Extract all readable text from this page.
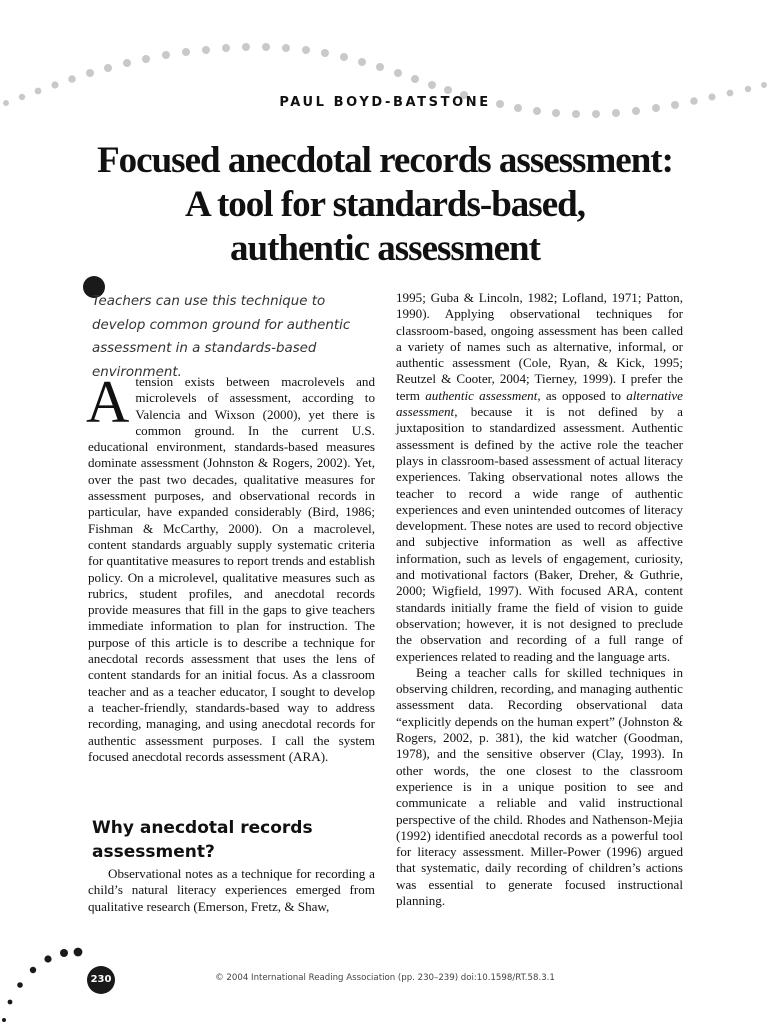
PAUL BOYD-BATSTONE
Focused anecdotal records assessment:
A tool for standards-based,
authentic assessment

Teachers can use this technique to develop common ground for authentic assessment in a standards-based environment.

Atension exists between macrolevels and microlevels of assessment, according to Valencia and Wixson (2000), yet there is common ground. In the current U.S. educational environment, standards-based measures dominate assessment (Johnston & Rogers, 2002). Yet, over the past two decades, qualitative measures for assessment purposes, and observational records in particular, have expanded considerably (Bird, 1986; Fishman & McCarthy, 2000). On a macrolevel, content standards arguably supply systematic criteria for quantitative measures to report trends and establish policy. On a microlevel, qualitative measures such as rubrics, student profiles, and anecdotal records provide measures that fill in the gaps to give teachers immediate information to plan for instruction. The purpose of this article is to describe a technique for anecdotal records assessment that uses the lens of content standards for an initial focus. As a classroom teacher and as a teacher educator, I sought to develop a teacher-friendly, standards-based way to address recording, managing, and using anecdotal records for authentic assessment purposes. I call the system focused anecdotal records assessment (ARA).

Why anecdotal records assessment?

Observational notes as a technique for recording a child’s natural literacy experiences emerged from qualitative research (Emerson, Fretz, & Shaw,

1995; Guba & Lincoln, 1982; Lofland, 1971; Patton, 1990). Applying observational techniques for classroom-based, ongoing assessment has been called a variety of names such as alternative, informal, or authentic assessment (Cole, Ryan, & Kick, 1995; Reutzel & Cooter, 2004; Tierney, 1999). I prefer the term authentic assessment, as opposed to alternative assessment, because it is not defined by a juxtaposition to standardized assessment. Authentic assessment is defined by the active role the teacher plays in classroom-based assessment of actual literacy experiences. Taking observational notes allows the teacher to record a wide range of authentic experiences and even unintended outcomes of literacy development. These notes are used to record objective and subjective information as well as affective information, such as levels of engagement, curiosity, and motivational factors (Baker, Dreher, & Guthrie, 2000; Wigfield, 1997). With focused ARA, content standards initially frame the field of vision to guide observation; however, it is not designed to preclude the observation and recording of a full range of experiences related to reading and the language arts.

Being a teacher calls for skilled techniques in observing children, recording, and managing authentic assessment data. Recording observational data “explicitly depends on the human expert” (Johnston & Rogers, 2002, p. 381), the kid watcher (Goodman, 1978), and the sensitive observer (Clay, 1993). In other words, the one closest to the classroom experience is in a unique position to see and communicate a reliable and valid instructional perspective of the child. Rhodes and Nathenson-Mejia (1992) identified anecdotal records as a powerful tool for literacy assessment. Miller-Power (1996) argued that systematic, daily recording of children’s actions was essential to generate focused instructional planning.

230	© 2004 International Reading Association (pp. 230–239) doi:10.1598/RT.58.3.1
